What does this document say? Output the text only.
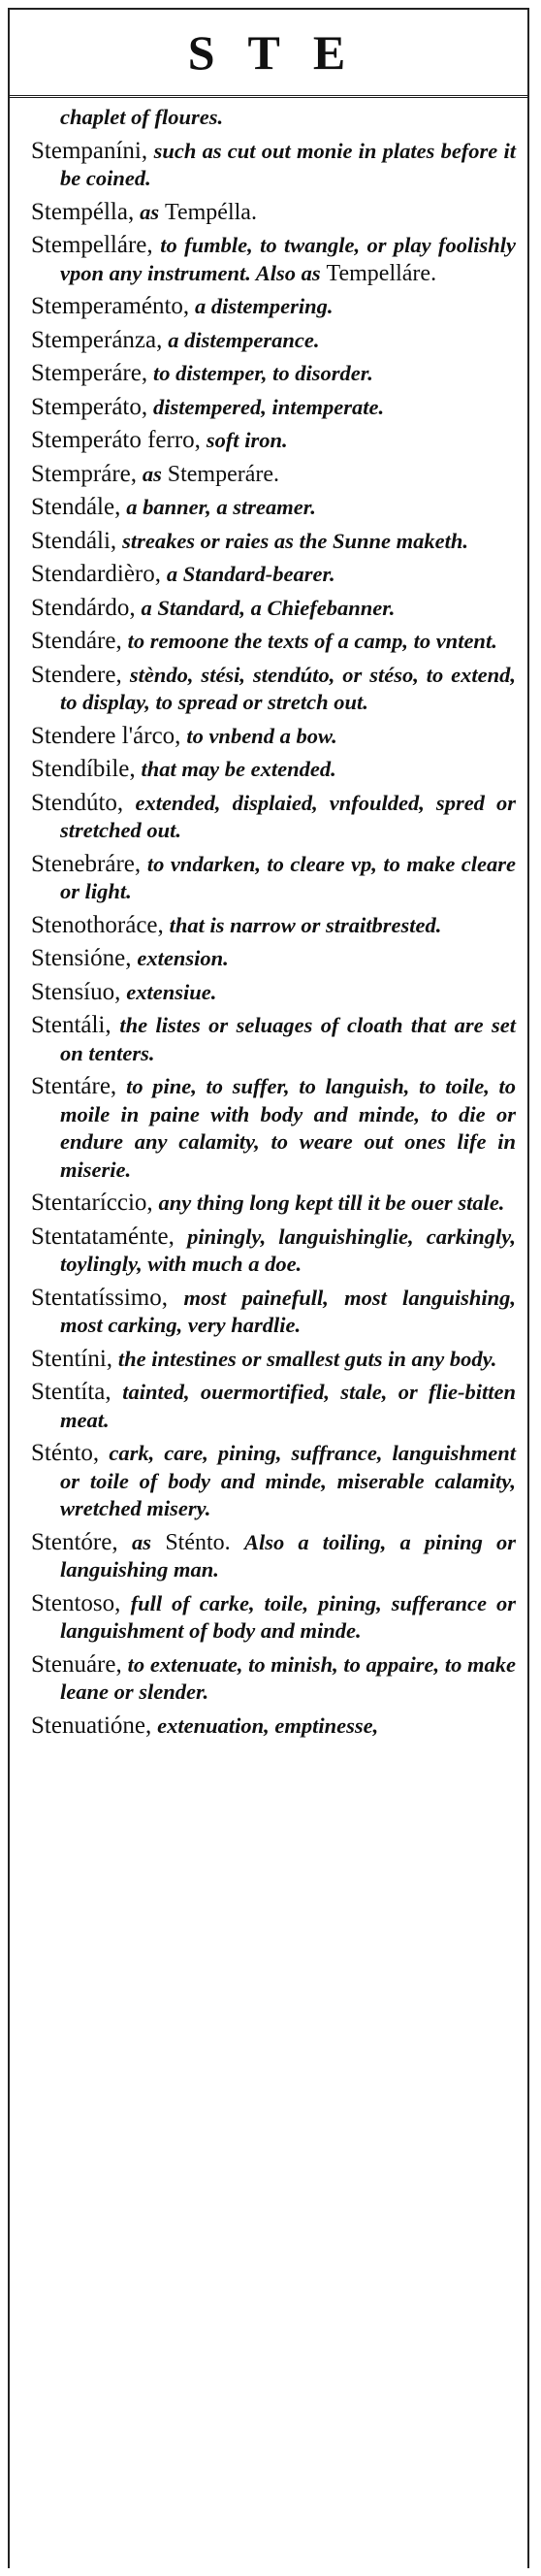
STE

chaplet of floures.

Stempaníni, such as cut out monie in plates before it be coined.

Stempélla, as Tempélla.

Stempelláre, to fumble, to twangle, or play foolishly vpon any instrument. Also as Tempelláre.

Stemperaménto, a distempering.

Stemperánza, a distemperance.

Stemperáre, to distemper, to disorder.

Stemperáto, distempered, intemperate.

Stemperáto ferro, soft iron.

Stempráre, as Stemperáre.

Stendále, a banner, a streamer.

Stendáli, streakes or raies as the Sunne maketh.

Stendardièro, a Standard-bearer.

Stendárdo, a Standard, a Chiefebanner.

Stendáre, to remoone the texts of a camp, to vntent.

Stendere, stèndo, stési, stendúto, or stéso, to extend, to display, to spread or stretch out.

Stendere l'árco, to vnbend a bow.

Stendíbile, that may be extended.

Stendúto, extended, displaied, vnfoulded, spred or stretched out.

Stenebráre, to vndarken, to cleare vp, to make cleare or light.

Stenothoráce, that is narrow or straitbrested.

Stensióne, extension.

Stensíuo, extensiue.

Stentáli, the listes or seluages of cloath that are set on tenters.

Stentáre, to pine, to suffer, to languish, to toile, to moile in paine with body and minde, to die or endure any calamity, to weare out ones life in miserie.

Stentaríccio, any thing long kept till it be ouer stale.

Stentataménte, piningly, languishinglie, carkingly, toylingly, with much a doe.

Stentatíssimo, most painefull, most languishing, most carking, very hardlie.

Stentíni, the intestines or smallest guts in any body.

Stentíta, tainted, ouermortified, stale, or flie-bitten meat.

Sténto, cark, care, pining, suffrance, languishment or toile of body and minde, miserable calamity, wretched misery.

Stentóre, as Sténto. Also a toiling, a pining or languishing man.

Stentoso, full of carke, toile, pining, sufferance or languishment of body and minde.

Stenuáre, to extenuate, to minish, to appaire, to make leane or slender.

Stenuatióne, extenuation, emptinesse,
